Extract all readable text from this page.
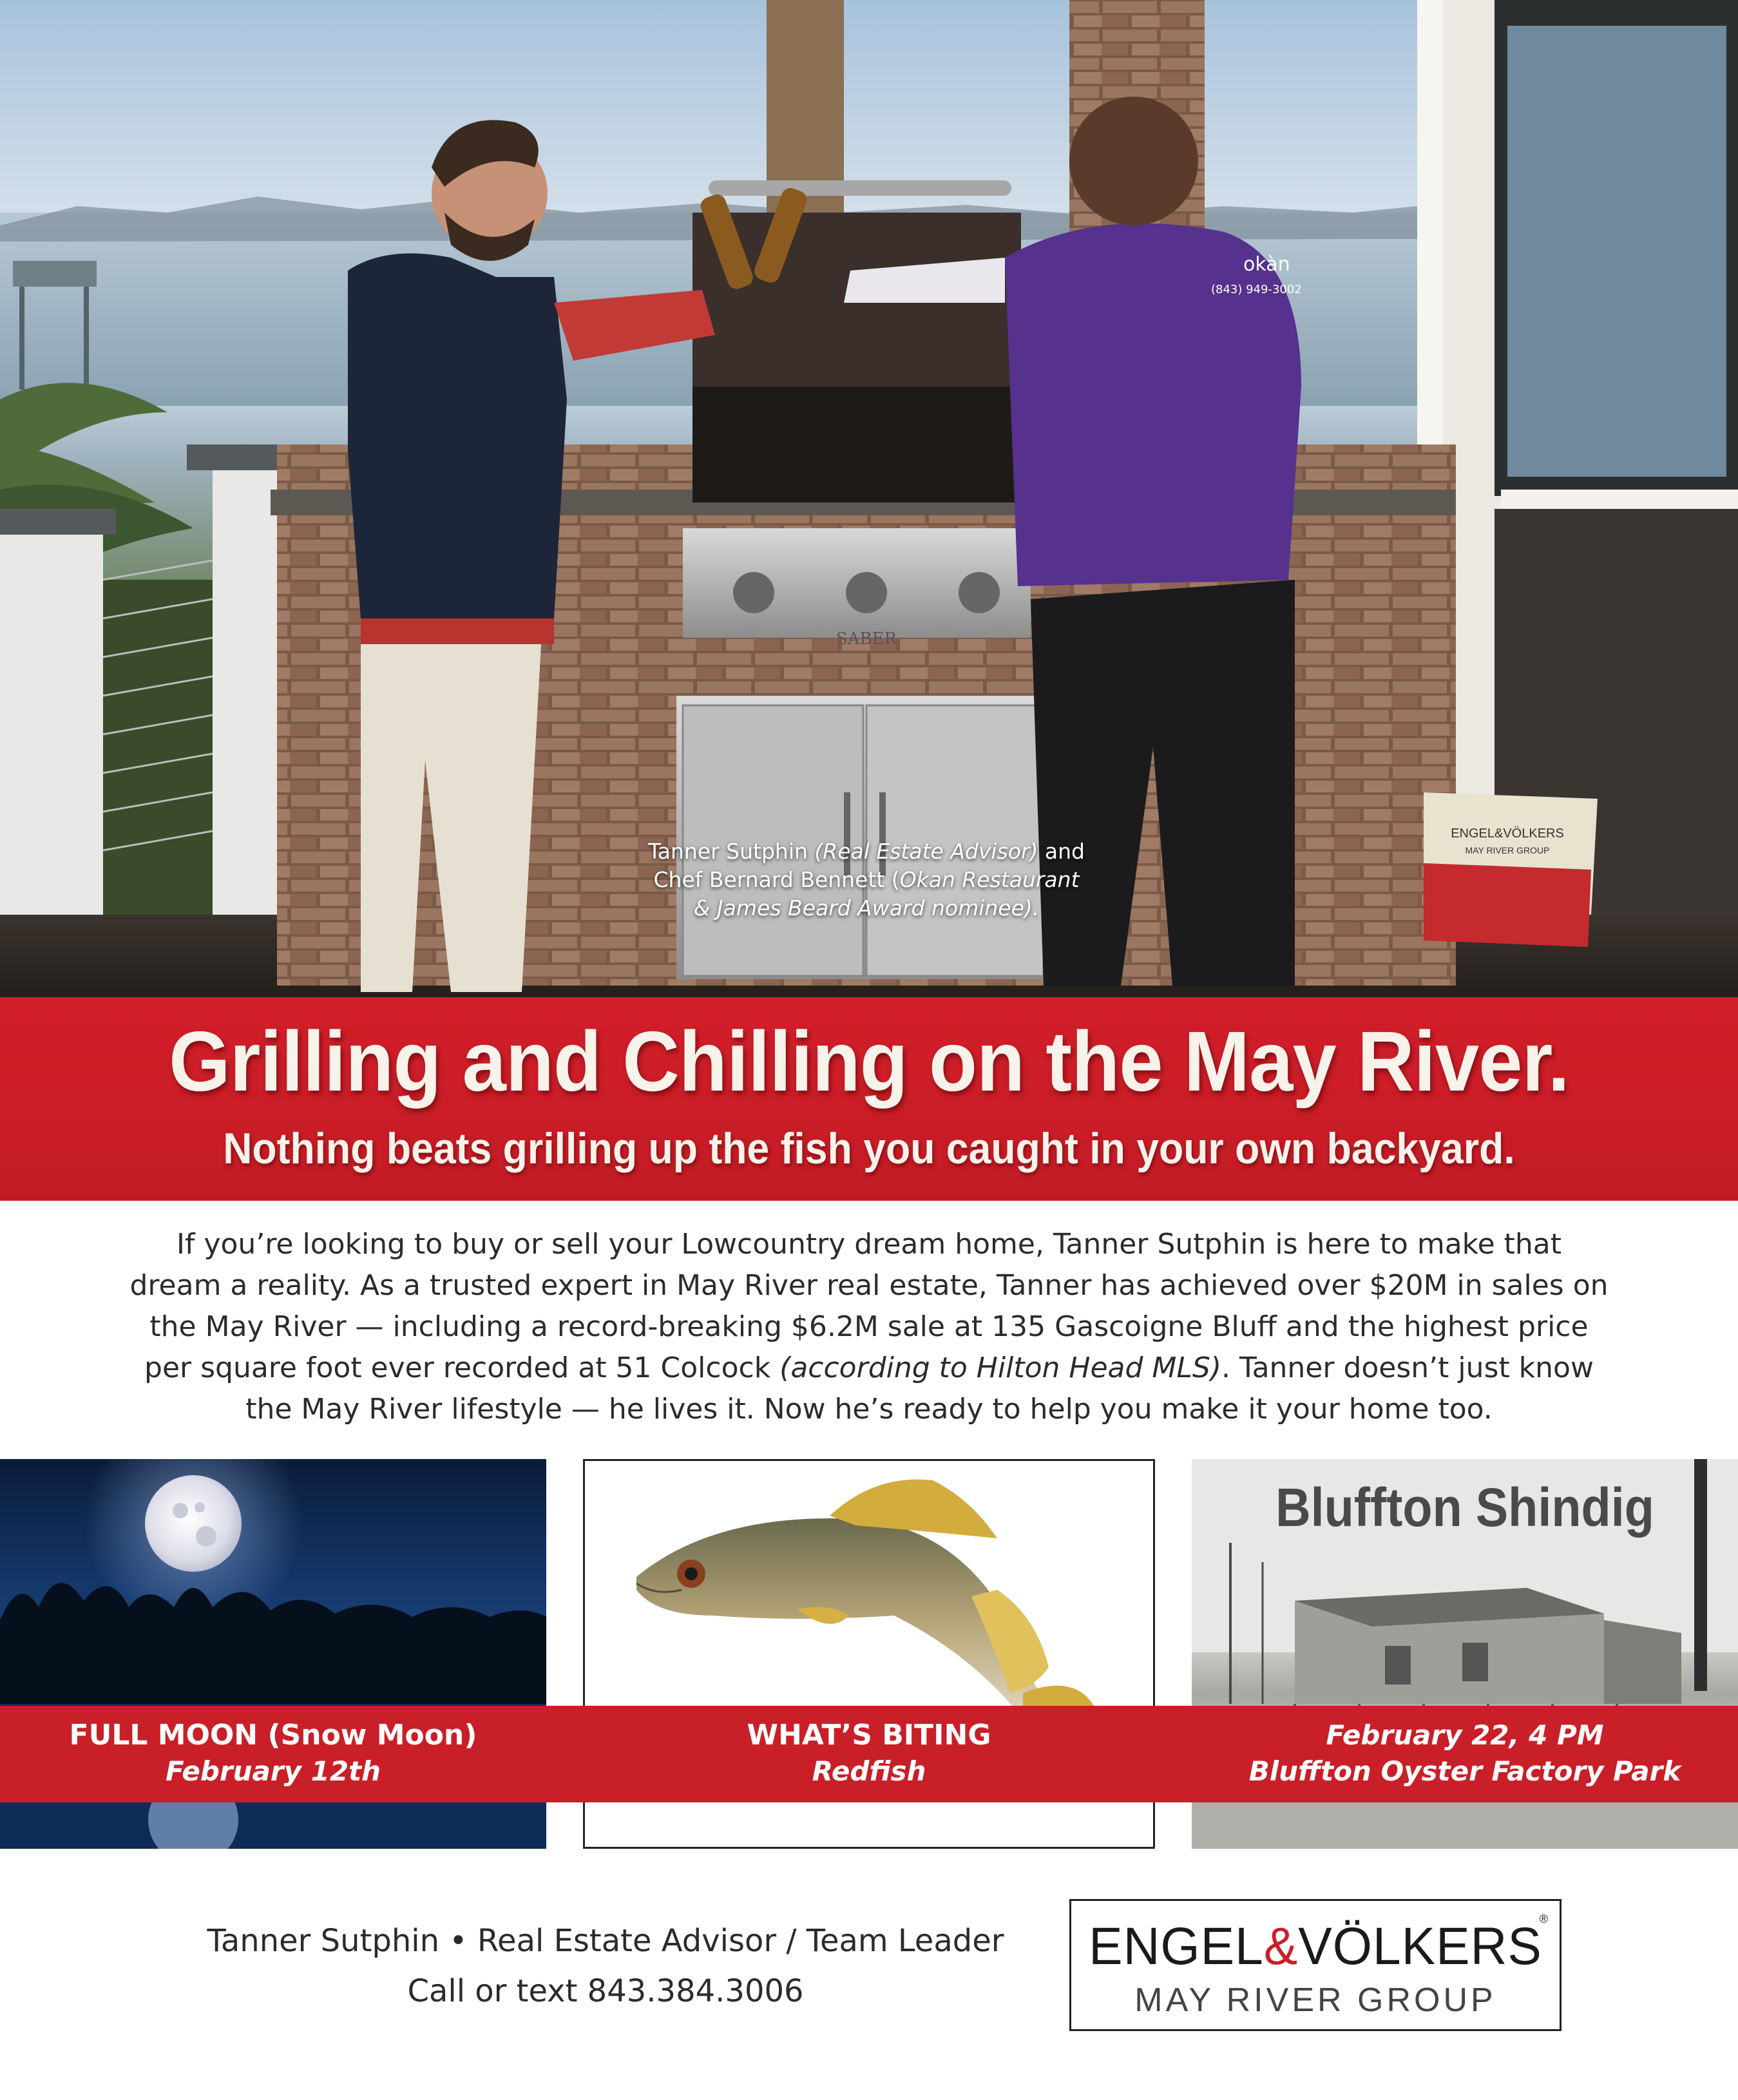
SABER
okàn
(843) 949-3002
ENGEL&VÖLKERS
MAY RIVER GROUP
Tanner Sutphin (Real Estate Advisor) and
Chef Bernard Bennett (Okan Restaurant
& James Beard Award nominee).
Grilling and Chilling on the May River.
Nothing beats grilling up the fish you caught in your own backyard.
If you’re looking to buy or sell your Lowcountry dream home, Tanner Sutphin is here to make that dream a reality. As a trusted expert in May River real estate, Tanner has achieved over $20M in sales on the May River — including a record-breaking $6.2M sale at 135 Gascoigne Bluff and the highest price per square foot ever recorded at 51 Colcock (according to Hilton Head MLS). Tanner doesn’t just know the May River lifestyle — he lives it. Now he’s ready to help you make it your home too.
Bluffton Shindig
FULL MOON (Snow Moon)
February 12th
WHAT’S BITING
Redfish
February 22, 4 PM
Bluffton Oyster Factory Park
Tanner Sutphin • Real Estate Advisor / Team Leader
Call or text 843.384.3006
ENGEL&VÖLKERS
®
MAY RIVER GROUP
